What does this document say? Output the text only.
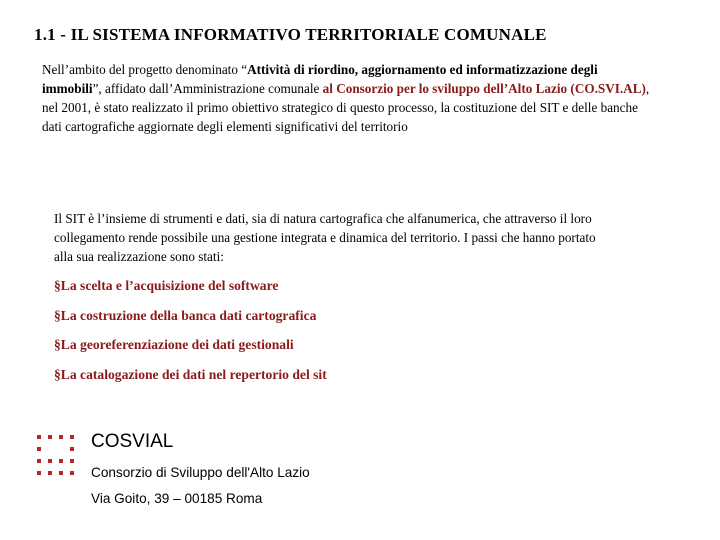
1.1 - IL SISTEMA INFORMATIVO TERRITORIALE COMUNALE
Nell’ambito del progetto denominato “Attività di riordino, aggiornamento ed informatizzazione degli immobili”, affidato dall’Amministrazione comunale al Consorzio per lo sviluppo dell’Alto Lazio (CO.SVI.AL), nel 2001, è stato realizzato il primo obiettivo strategico di questo processo, la costituzione del SIT e delle banche dati cartografiche aggiornate degli elementi significativi del territorio
Il SIT è l’insieme di strumenti e dati, sia di natura cartografica che alfanumerica, che attraverso il loro collegamento rende possibile una gestione integrata e dinamica del territorio. I passi che hanno portato alla sua realizzazione sono stati:
§La scelta e l’acquisizione del software
§La costruzione della banca dati cartografica
§La georeferenziazione dei dati gestionali
§La catalogazione dei dati nel repertorio del sit
COSVIAL
Consorzio di Sviluppo dell'Alto Lazio
Via Goito, 39 – 00185 Roma
